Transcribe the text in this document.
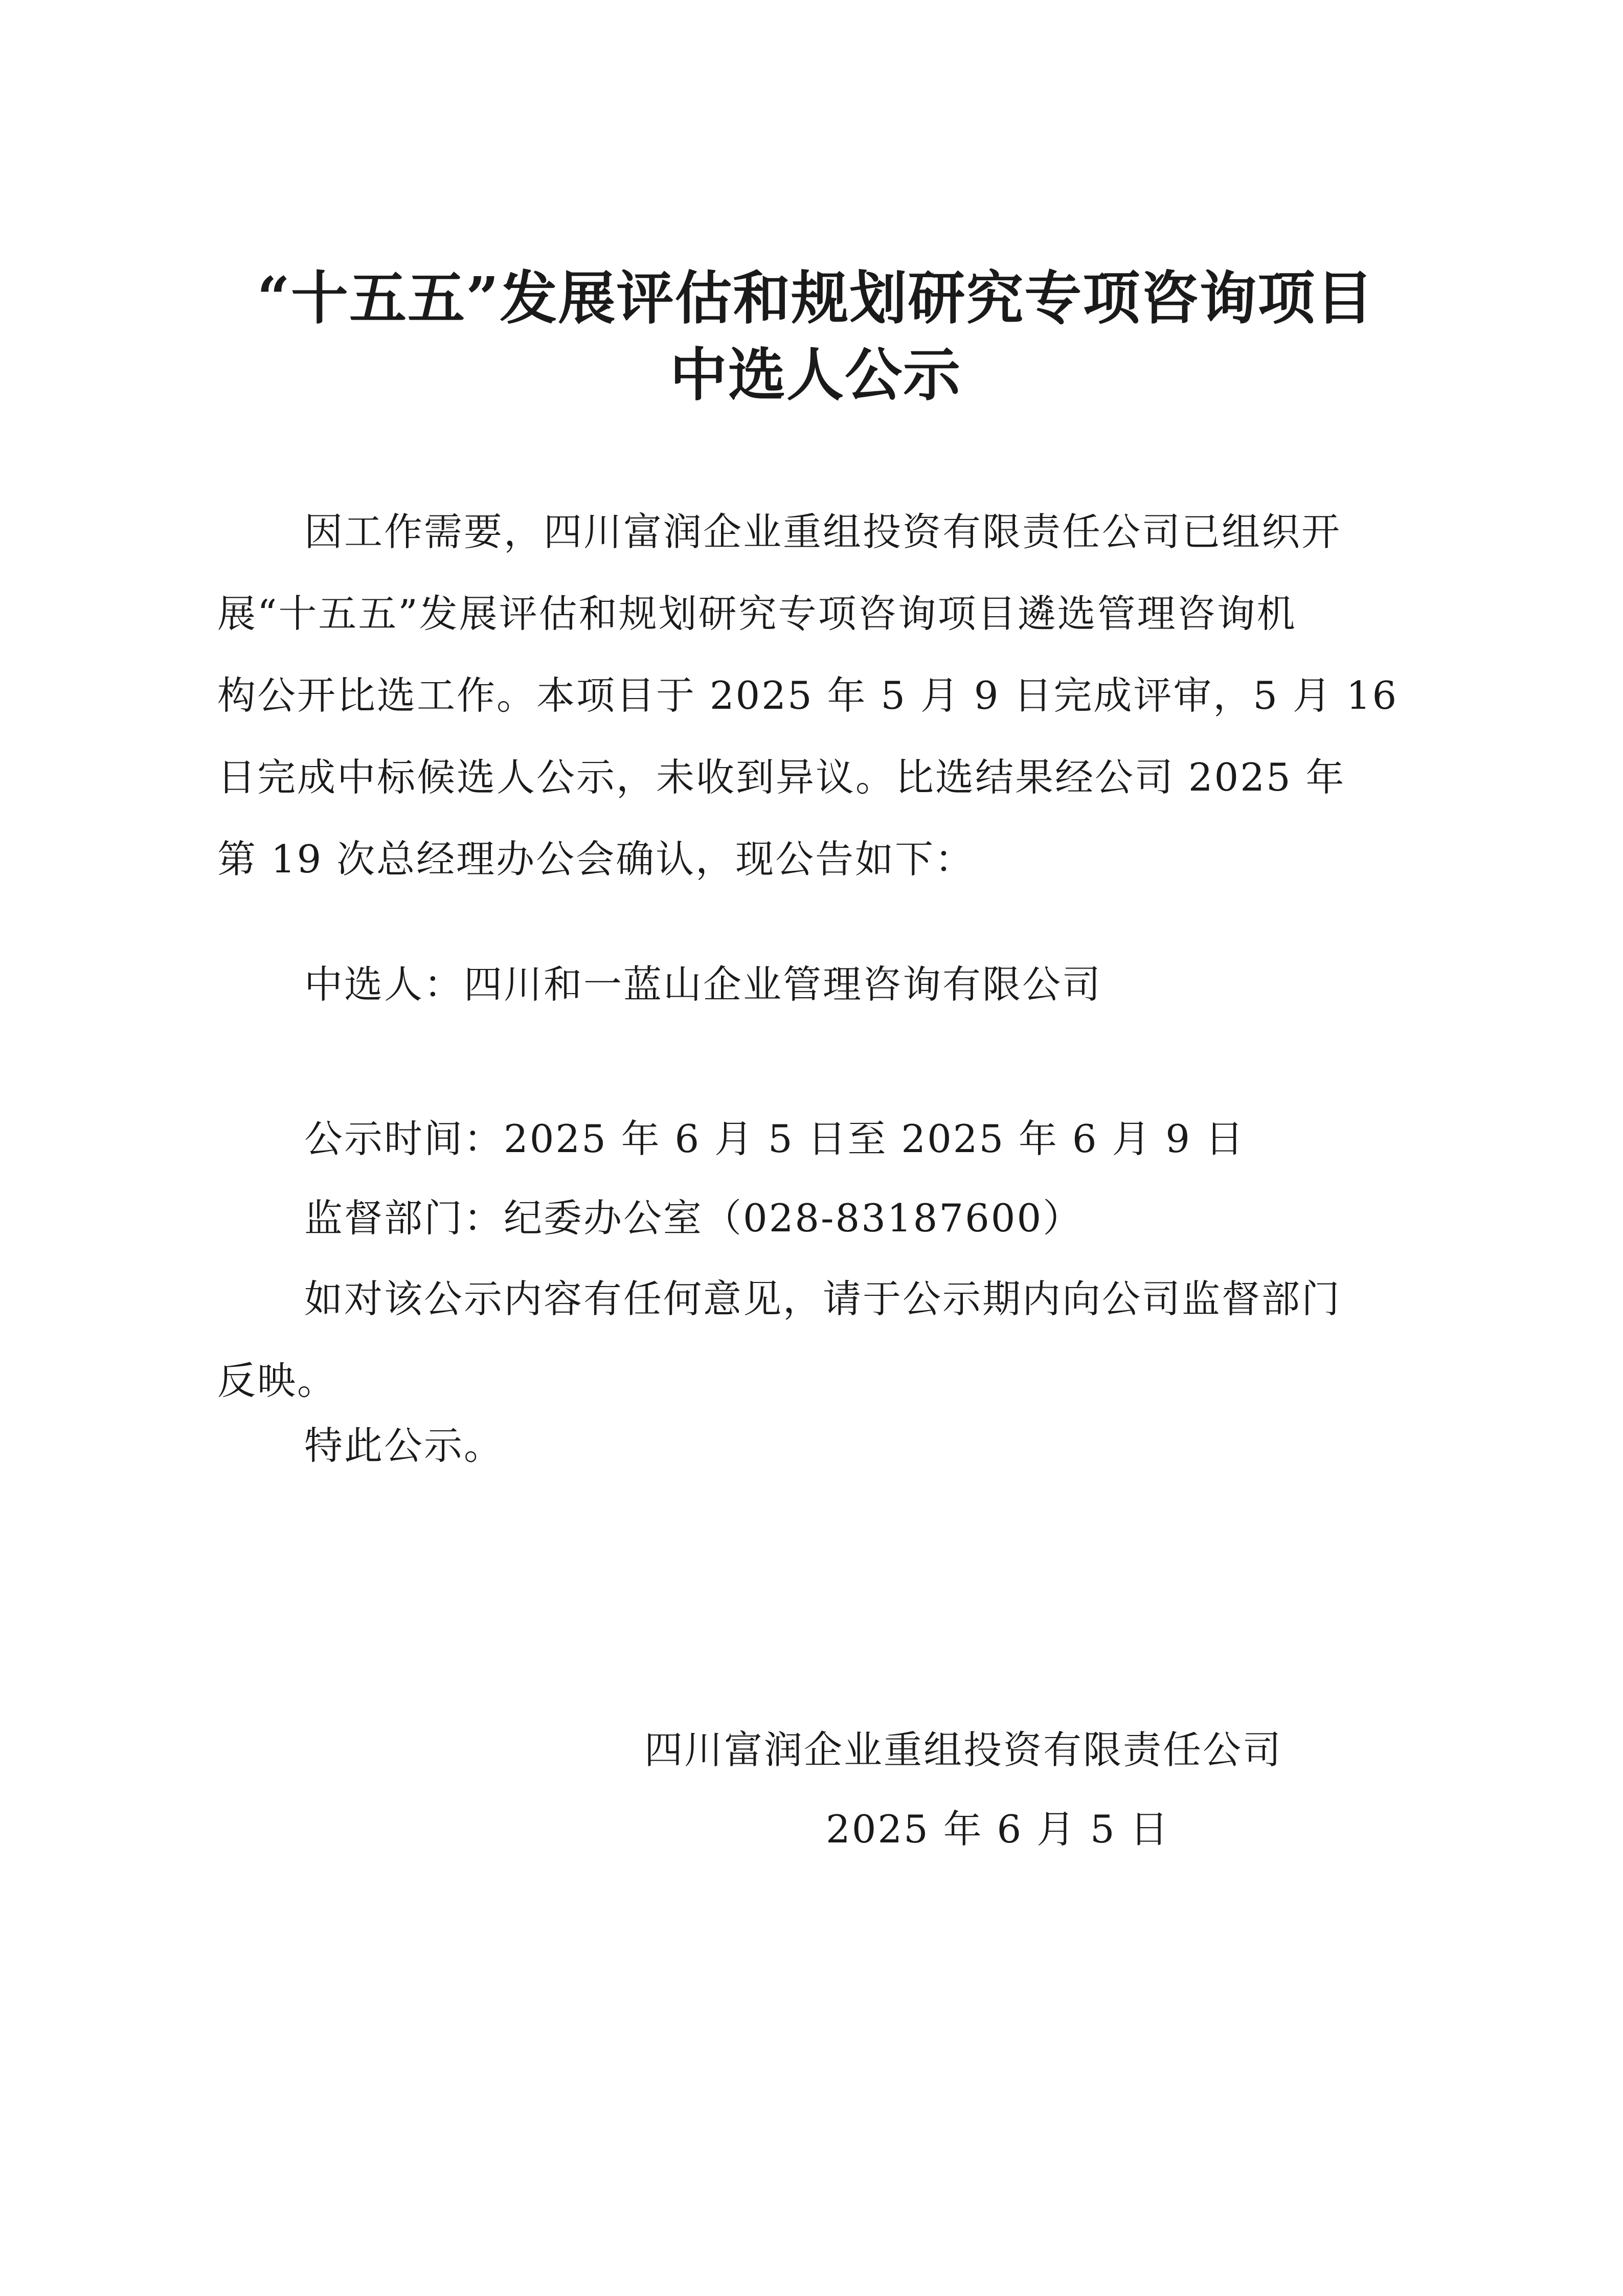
“十五五”发展评估和规划研究专项咨询项目
中选人公示
因工作需要，四川富润企业重组投资有限责任公司已组织开
展“十五五”发展评估和规划研究专项咨询项目遴选管理咨询机
构公开比选工作。本项目于 2025 年 5 月 9 日完成评审，5 月 16
日完成中标候选人公示，未收到异议。比选结果经公司 2025 年
第 19 次总经理办公会确认，现公告如下：
中选人：四川和一蓝山企业管理咨询有限公司
公示时间：2025 年 6 月 5 日至 2025 年 6 月 9 日
监督部门：纪委办公室（028-83187600）
如对该公示内容有任何意见，请于公示期内向公司监督部门
反映。
特此公示。
四川富润企业重组投资有限责任公司
2025 年 6 月 5 日
